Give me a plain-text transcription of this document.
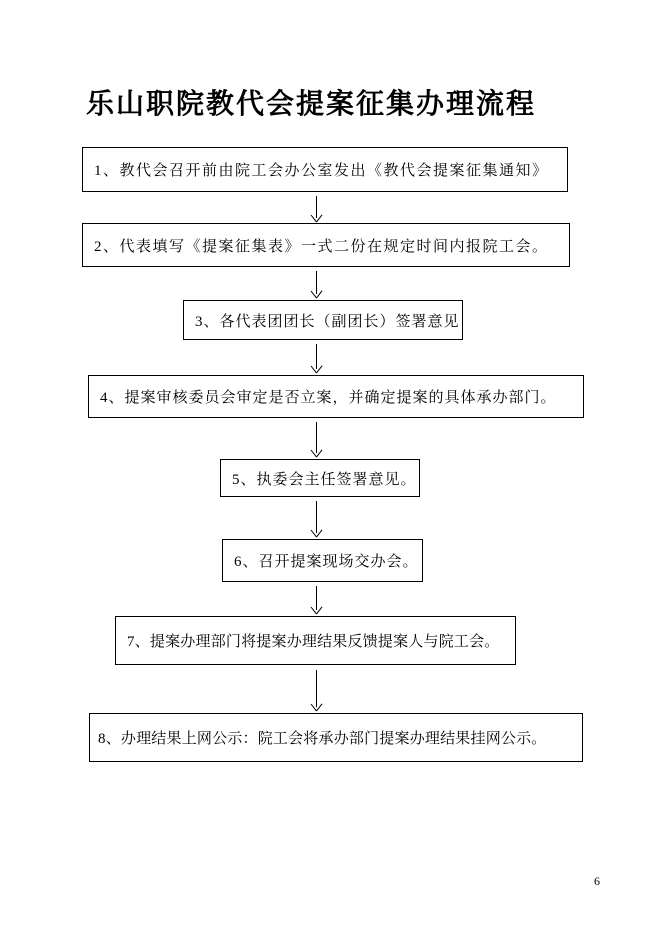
乐山职院教代会提案征集办理流程
1、教代会召开前由院工会办公室发出《教代会提案征集通知》
2、代表填写《提案征集表》一式二份在规定时间内报院工会。
3、各代表团团长（副团长）签署意见
4、提案审核委员会审定是否立案，并确定提案的具体承办部门。
5、执委会主任签署意见。
6、召开提案现场交办会。
7、提案办理部门将提案办理结果反馈提案人与院工会。
8、办理结果上网公示：院工会将承办部门提案办理结果挂网公示。
6
